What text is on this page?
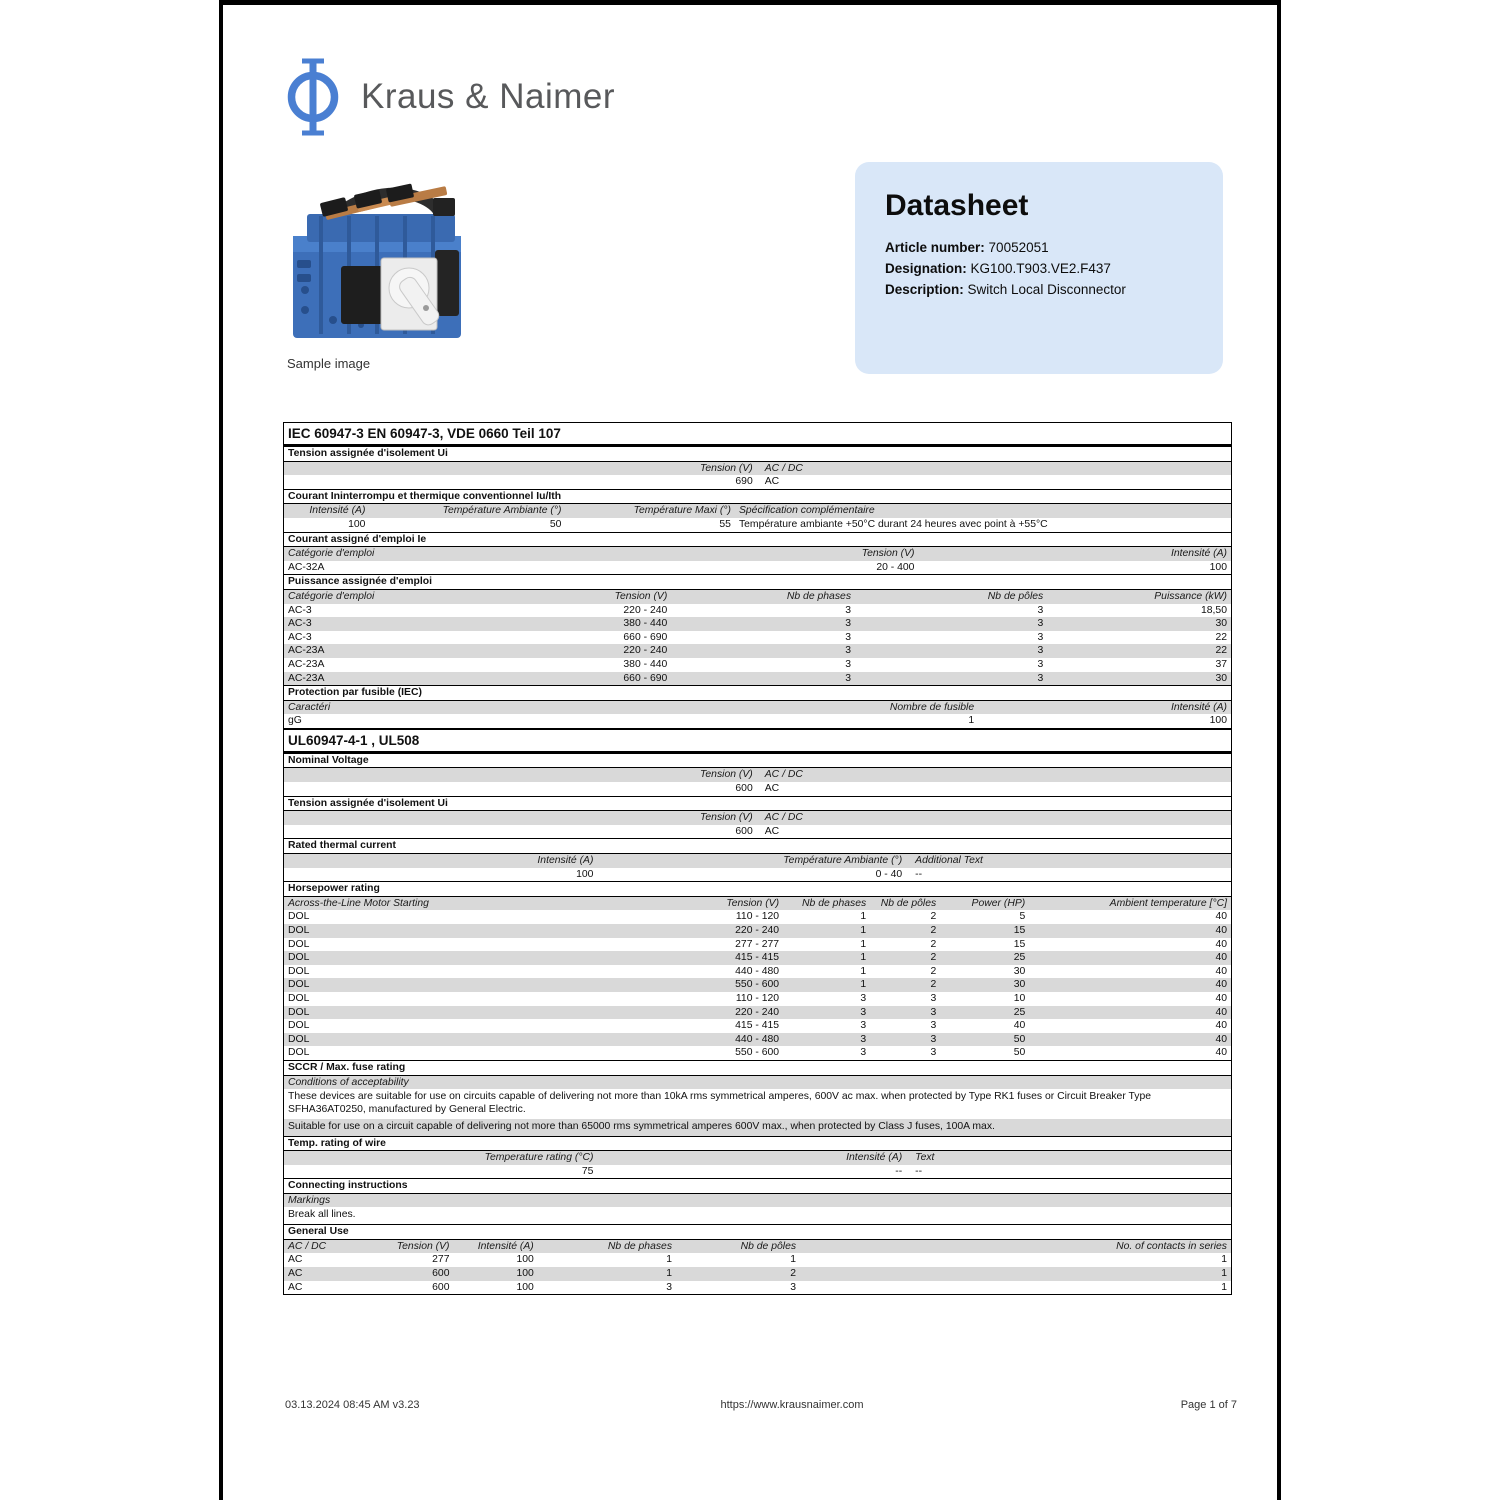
Kraus & Naimer
Sample image
Datasheet
Article number: 70052051
Designation: KG100.T903.VE2.F437
Description: Switch Local Disconnector
IEC 60947-3 EN 60947-3, VDE 0660 Teil 107
Tension assignée d'isolement Ui
Tension (V)	AC / DC
690	AC
Courant Ininterrompu et thermique conventionnel Iu/Ith
Intensité (A)	Température Ambiante (°)	Température Maxi (°) Spécification complémentaire
100	50	55 Température ambiante +50°C durant 24 heures avec point à +55°C
Courant assigné d'emploi Ie
Catégorie d'emploi	Tension (V)	Intensité (A)
AC-32A	20 - 400	100
Puissance assignée d'emploi
Catégorie d'emploi	Tension (V)	Nb de phases	Nb de pôles	Puissance (kW)
AC-3	220 - 240	3	3	18,50
AC-3	380 - 440	3	3	30
AC-3	660 - 690	3	3	22
AC-23A	220 - 240	3	3	22
AC-23A	380 - 440	3	3	37
AC-23A	660 - 690	3	3	30
Protection par fusible (IEC)
Caractéri	Nombre de fusible	Intensité (A)
gG	1	100
UL60947-4-1 , UL508
Nominal Voltage
Tension (V)	AC / DC
600	AC
Tension assignée d'isolement Ui
Tension (V)	AC / DC
600	AC
Rated thermal current
Intensité (A)	Température Ambiante (°)	Additional Text
100	0 - 40	--
Horsepower rating
Across-the-Line Motor Starting	Tension (V)	Nb de phases	Nb de pôles	Power (HP)	Ambient temperature [°C]
DOL	110 - 120	1	2	5	40
DOL	220 - 240	1	2	15	40
DOL	277 - 277	1	2	15	40
DOL	415 - 415	1	2	25	40
DOL	440 - 480	1	2	30	40
DOL	550 - 600	1	2	30	40
DOL	110 - 120	3	3	10	40
DOL	220 - 240	3	3	25	40
DOL	415 - 415	3	3	40	40
DOL	440 - 480	3	3	50	40
DOL	550 - 600	3	3	50	40
SCCR / Max. fuse rating
Conditions of acceptability
These devices are suitable for use on circuits capable of delivering not more than 10kA rms symmetrical amperes, 600V ac max. when protected by Type RK1 fuses or Circuit Breaker Type SFHA36AT0250, manufactured by General Electric.
Suitable for use on a circuit capable of delivering not more than 65000 rms symmetrical amperes 600V max., when protected by Class J fuses, 100A max.
Temp. rating of wire
Temperature rating (°C)	Intensité (A)	Text
75	--	--
Connecting instructions
Markings
Break all lines.
General Use
AC / DC	Tension (V)	Intensité (A)	Nb de phases	Nb de pôles	No. of contacts in series
AC	277	100	1	1	1
AC	600	100	1	2	1
AC	600	100	3	3	1
03.13.2024 08:45 AM v3.23	https://www.krausnaimer.com	Page 1 of 7
